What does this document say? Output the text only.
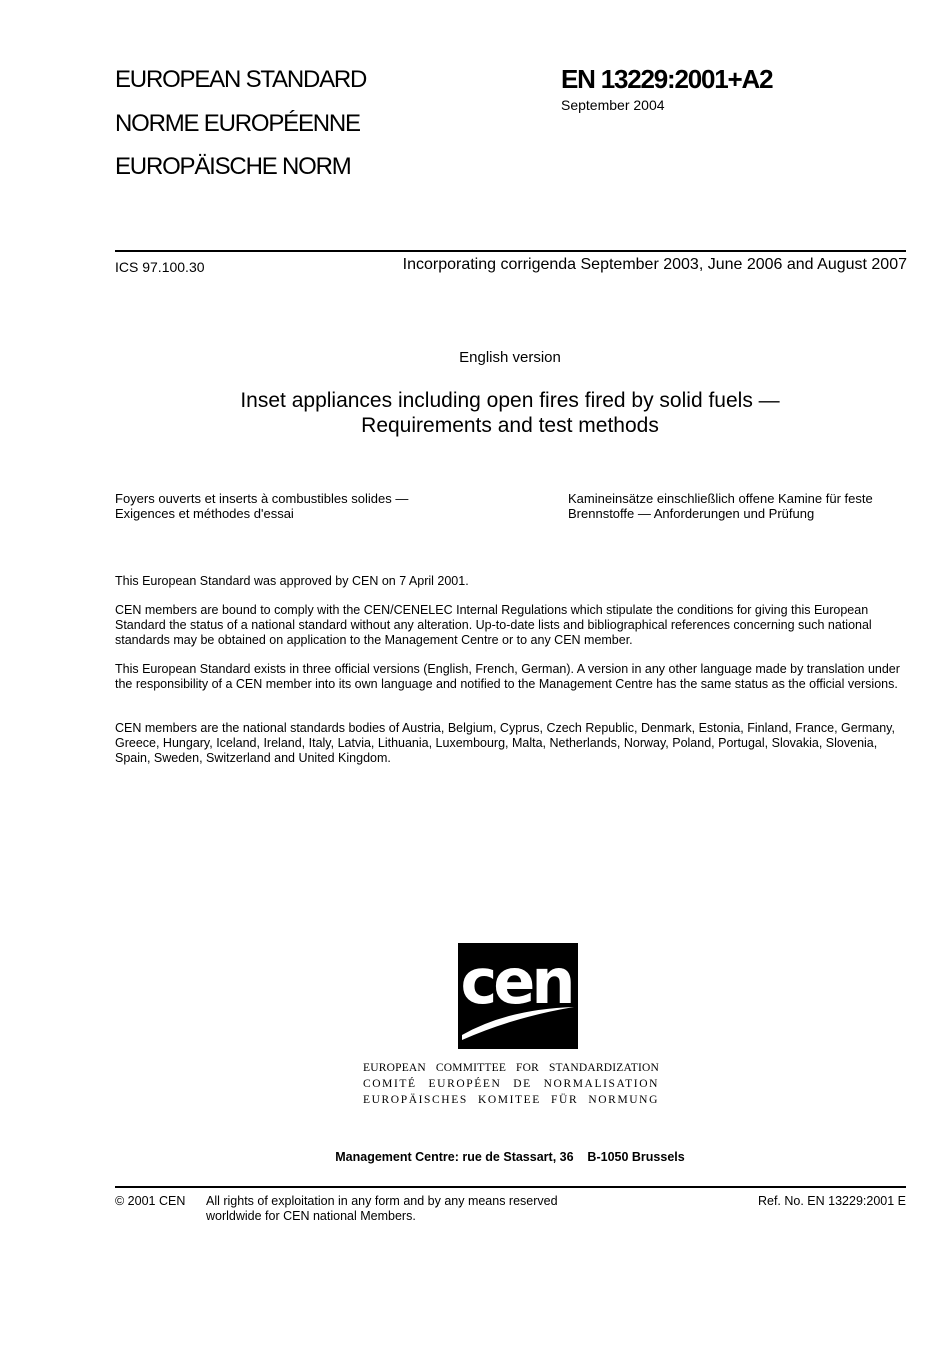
EUROPEAN STANDARD
NORME EUROPÉENNE
EUROPÄISCHE NORM
EN 13229:2001+A2
September 2004
ICS 97.100.30	Incorporating corrigenda September 2003, June 2006 and August 2007
English version
Inset appliances including open fires fired by solid fuels —
Requirements and test methods
Foyers ouverts et inserts à combustibles solides —
Exigences et méthodes d'essai
Kamineinsätze einschließlich offene Kamine für feste
Brennstoffe — Anforderungen und Prüfung
This European Standard was approved by CEN on 7 April 2001.
CEN members are bound to comply with the CEN/CENELEC Internal Regulations which stipulate the conditions for giving this European Standard the status of a national standard without any alteration. Up-to-date lists and bibliographical references concerning such national standards may be obtained on application to the Management Centre or to any CEN member.
This European Standard exists in three official versions (English, French, German). A version in any other language made by translation under the responsibility of a CEN member into its own language and notified to the Management Centre has the same status as the official versions.
CEN members are the national standards bodies of Austria, Belgium, Cyprus, Czech Republic, Denmark, Estonia, Finland, France, Germany, Greece, Hungary, Iceland, Ireland, Italy, Latvia, Lithuania, Luxembourg, Malta, Netherlands, Norway, Poland, Portugal, Slovakia, Slovenia, Spain, Sweden, Switzerland and United Kingdom.
cen
EUROPEAN COMMITTEE FOR STANDARDIZATION
COMITÉ EUROPÉEN DE NORMALISATION
EUROPÄISCHES KOMITEE FÜR NORMUNG
Management Centre: rue de Stassart, 36    B-1050 Brussels
© 2001 CEN All rights of exploitation in any form and by any means reserved
worldwide for CEN national Members.
Ref. No. EN 13229:2001 E
